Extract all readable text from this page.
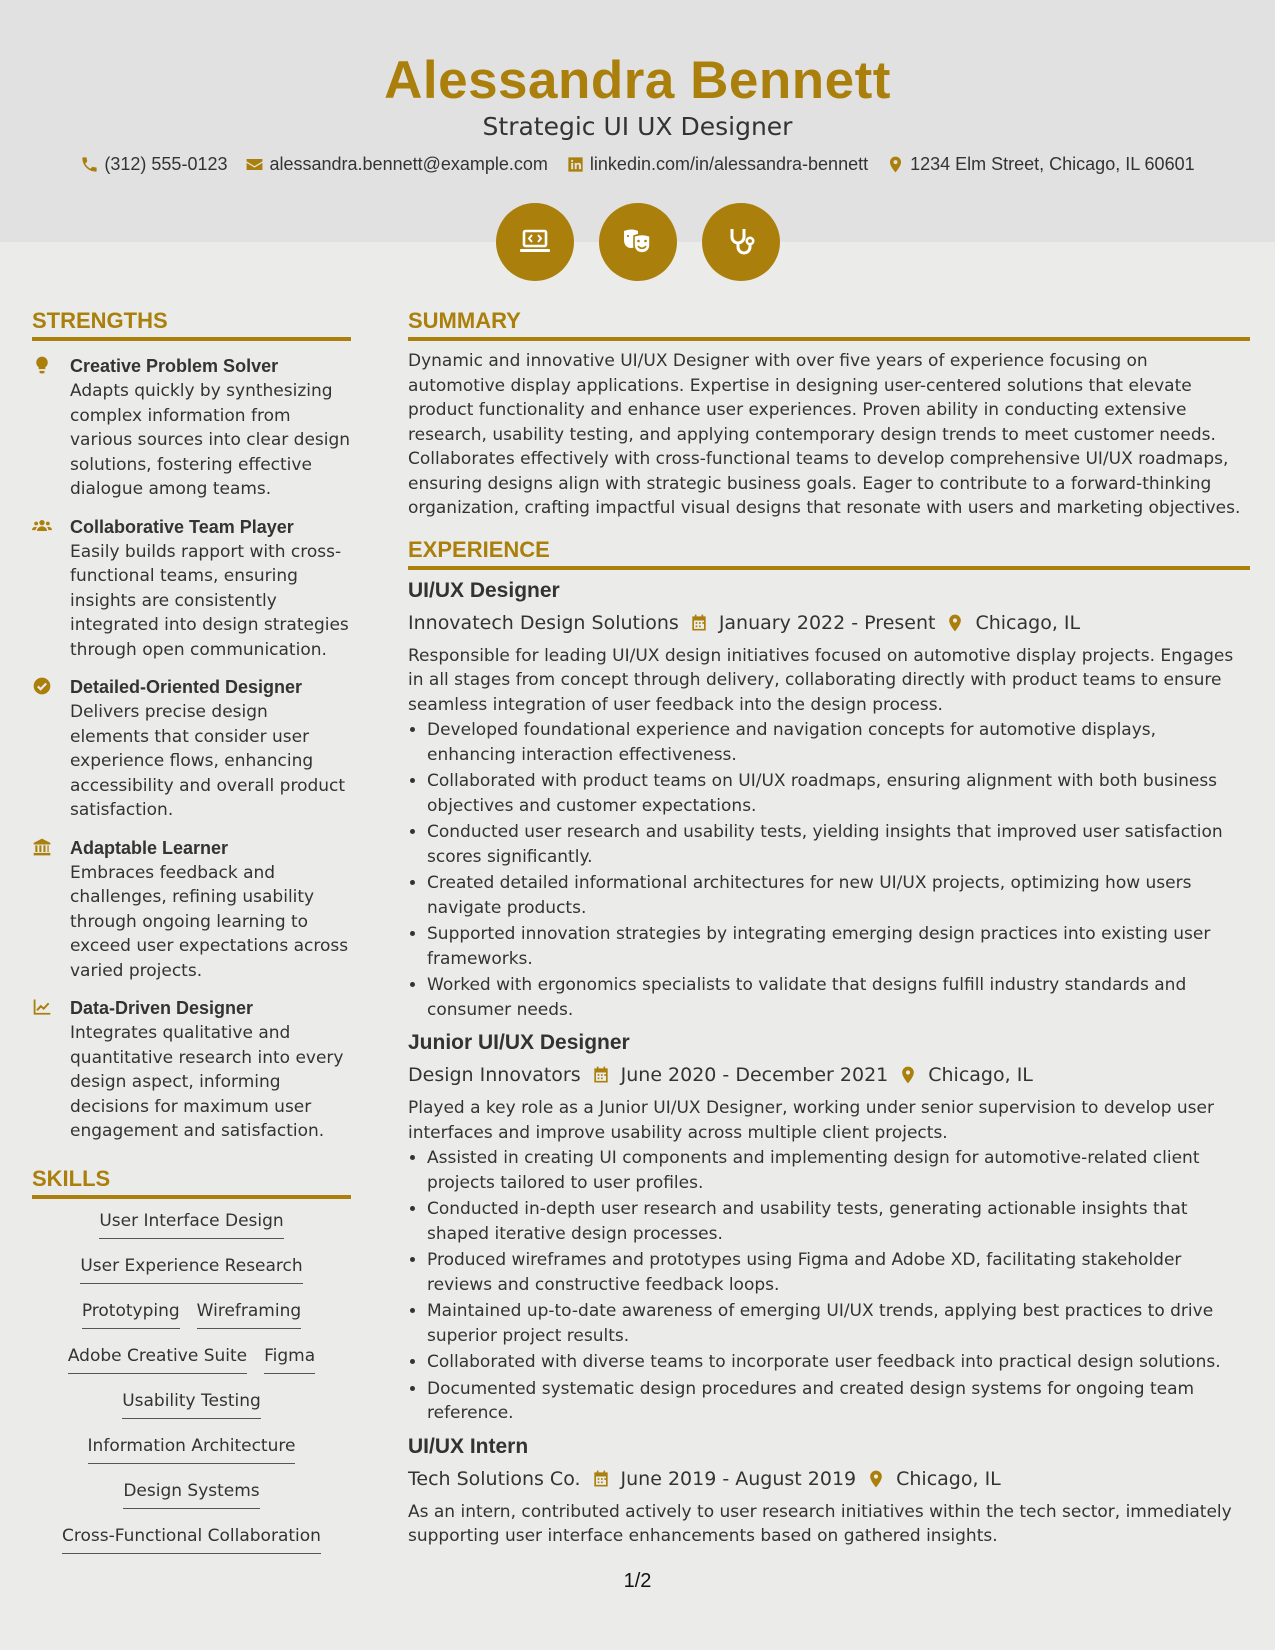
Alessandra Bennett
Strategic UI UX Designer
(312) 555-0123 alessandra.bennett@example.com linkedin.com/in/alessandra-bennett 1234 Elm Street, Chicago, IL 60601
STRENGTHS
Creative Problem Solver
Adapts quickly by synthesizing complex information from various sources into clear design solutions, fostering effective dialogue among teams.
Collaborative Team Player
Easily builds rapport with cross-functional teams, ensuring insights are consistently integrated into design strategies through open communication.
Detailed-Oriented Designer
Delivers precise design elements that consider user experience flows, enhancing accessibility and overall product satisfaction.
Adaptable Learner
Embraces feedback and challenges, refining usability through ongoing learning to exceed user expectations across varied projects.
Data-Driven Designer
Integrates qualitative and quantitative research into every design aspect, informing decisions for maximum user engagement and satisfaction.
SKILLS
User Interface Design
User Experience Research
Prototyping Wireframing
Adobe Creative Suite Figma
Usability Testing
Information Architecture
Design Systems
Cross-Functional Collaboration
SUMMARY
Dynamic and innovative UI/UX Designer with over five years of experience focusing on automotive display applications. Expertise in designing user-centered solutions that elevate product functionality and enhance user experiences. Proven ability in conducting extensive research, usability testing, and applying contemporary design trends to meet customer needs. Collaborates effectively with cross-functional teams to develop comprehensive UI/UX roadmaps, ensuring designs align with strategic business goals. Eager to contribute to a forward-thinking organization, crafting impactful visual designs that resonate with users and marketing objectives.
EXPERIENCE
UI/UX Designer
Innovatech Design Solutions January 2022 - Present Chicago, IL
Responsible for leading UI/UX design initiatives focused on automotive display projects. Engages in all stages from concept through delivery, collaborating directly with product teams to ensure seamless integration of user feedback into the design process.
• Developed foundational experience and navigation concepts for automotive displays, enhancing interaction effectiveness.
• Collaborated with product teams on UI/UX roadmaps, ensuring alignment with both business objectives and customer expectations.
• Conducted user research and usability tests, yielding insights that improved user satisfaction scores significantly.
• Created detailed informational architectures for new UI/UX projects, optimizing how users navigate products.
• Supported innovation strategies by integrating emerging design practices into existing user frameworks.
• Worked with ergonomics specialists to validate that designs fulfill industry standards and consumer needs.
Junior UI/UX Designer
Design Innovators June 2020 - December 2021 Chicago, IL
Played a key role as a Junior UI/UX Designer, working under senior supervision to develop user interfaces and improve usability across multiple client projects.
• Assisted in creating UI components and implementing design for automotive-related client projects tailored to user profiles.
• Conducted in-depth user research and usability tests, generating actionable insights that shaped iterative design processes.
• Produced wireframes and prototypes using Figma and Adobe XD, facilitating stakeholder reviews and constructive feedback loops.
• Maintained up-to-date awareness of emerging UI/UX trends, applying best practices to drive superior project results.
• Collaborated with diverse teams to incorporate user feedback into practical design solutions.
• Documented systematic design procedures and created design systems for ongoing team reference.
UI/UX Intern
Tech Solutions Co. June 2019 - August 2019 Chicago, IL
As an intern, contributed actively to user research initiatives within the tech sector, immediately supporting user interface enhancements based on gathered insights.
1/2
